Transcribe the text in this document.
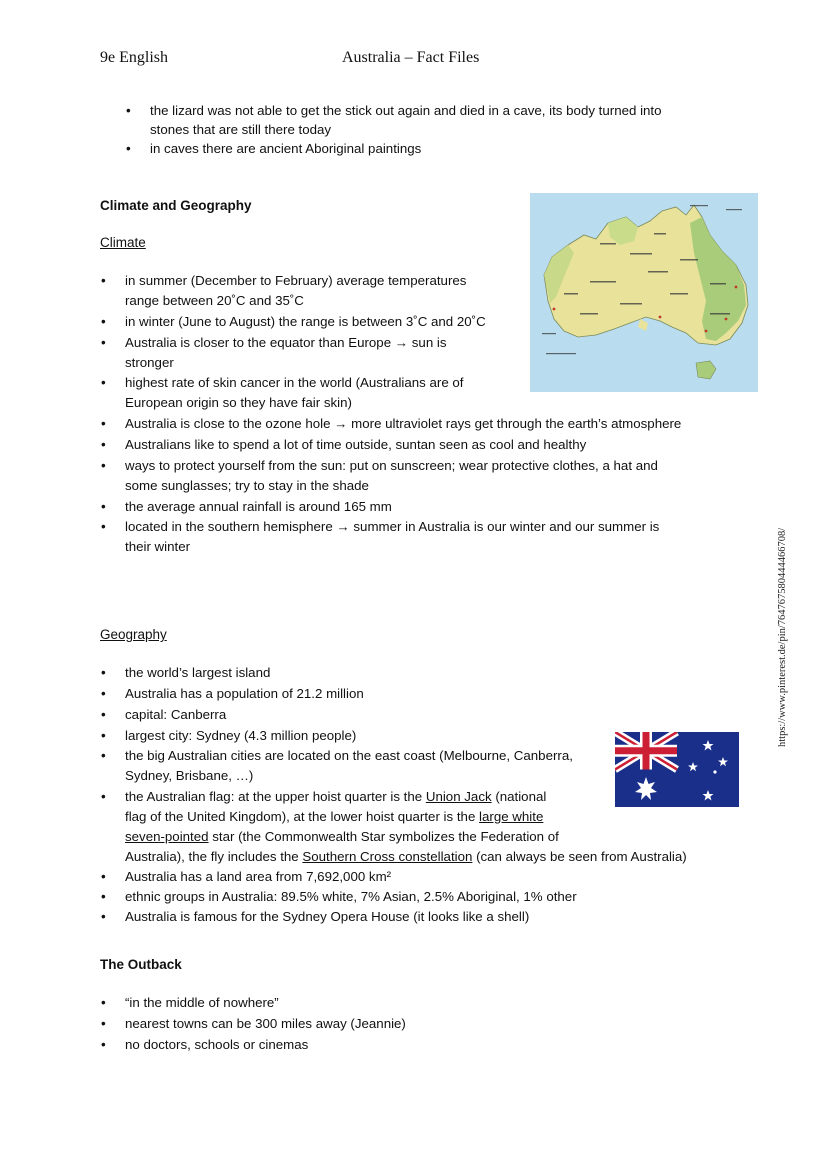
9e English	Australia – Fact Files
https://www.pinterest.de/pin/764767580444466708/
• the lizard was not able to get the stick out again and died in a cave, its body turned into
stones that are still there today
• in caves there are ancient Aboriginal paintings
Climate and Geography
Climate
• in summer (December to February) average temperatures
range between 20˚C and 35˚C
• in winter (June to August) the range is between 3˚C and 20˚C
• Australia is closer to the equator than Europe → sun is
stronger
• highest rate of skin cancer in the world (Australians are of
European origin so they have fair skin)
• Australia is close to the ozone hole → more ultraviolet rays get through the earth’s atmosphere
• Australians like to spend a lot of time outside, suntan seen as cool and healthy
• ways to protect yourself from the sun: put on sunscreen; wear protective clothes, a hat and
some sunglasses; try to stay in the shade
• the average annual rainfall is around 165 mm
• located in the southern hemisphere → summer in Australia is our winter and our summer is
their winter
Geography
• the world’s largest island
• Australia has a population of 21.2 million
• capital: Canberra
• largest city: Sydney (4.3 million people)
• the big Australian cities are located on the east coast (Melbourne, Canberra,
Sydney, Brisbane, …)
• the Australian flag: at the upper hoist quarter is the Union Jack (national
flag of the United Kingdom), at the lower hoist quarter is the large white
seven-pointed star (the Commonwealth Star symbolizes the Federation of
Australia), the fly includes the Southern Cross constellation (can always be seen from Australia)
• Australia has a land area from 7,692,000 km²
• ethnic groups in Australia: 89.5% white, 7% Asian, 2.5% Aboriginal, 1% other
• Australia is famous for the Sydney Opera House (it looks like a shell)
The Outback
• “in the middle of nowhere”
• nearest towns can be 300 miles away (Jeannie)
• no doctors, schools or cinemas
